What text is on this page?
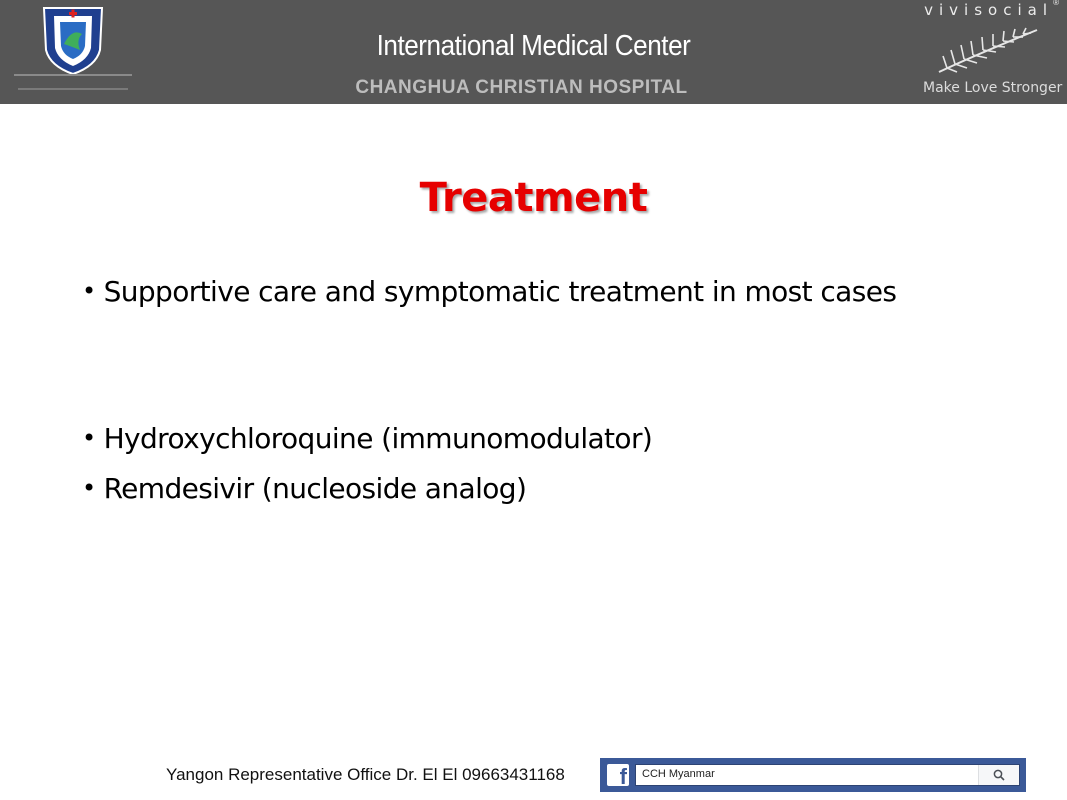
International Medical Center
CHANGHUA CHRISTIAN HOSPITAL
vivisocial ®
Make Love Stronger
Treatment
• Supportive care and symptomatic treatment in most cases
• Hydroxychloroquine (immunomodulator)
• Remdesivir (nucleoside analog)
Yangon Representative Office Dr. El El 09663431168	f CCH Myanmar
